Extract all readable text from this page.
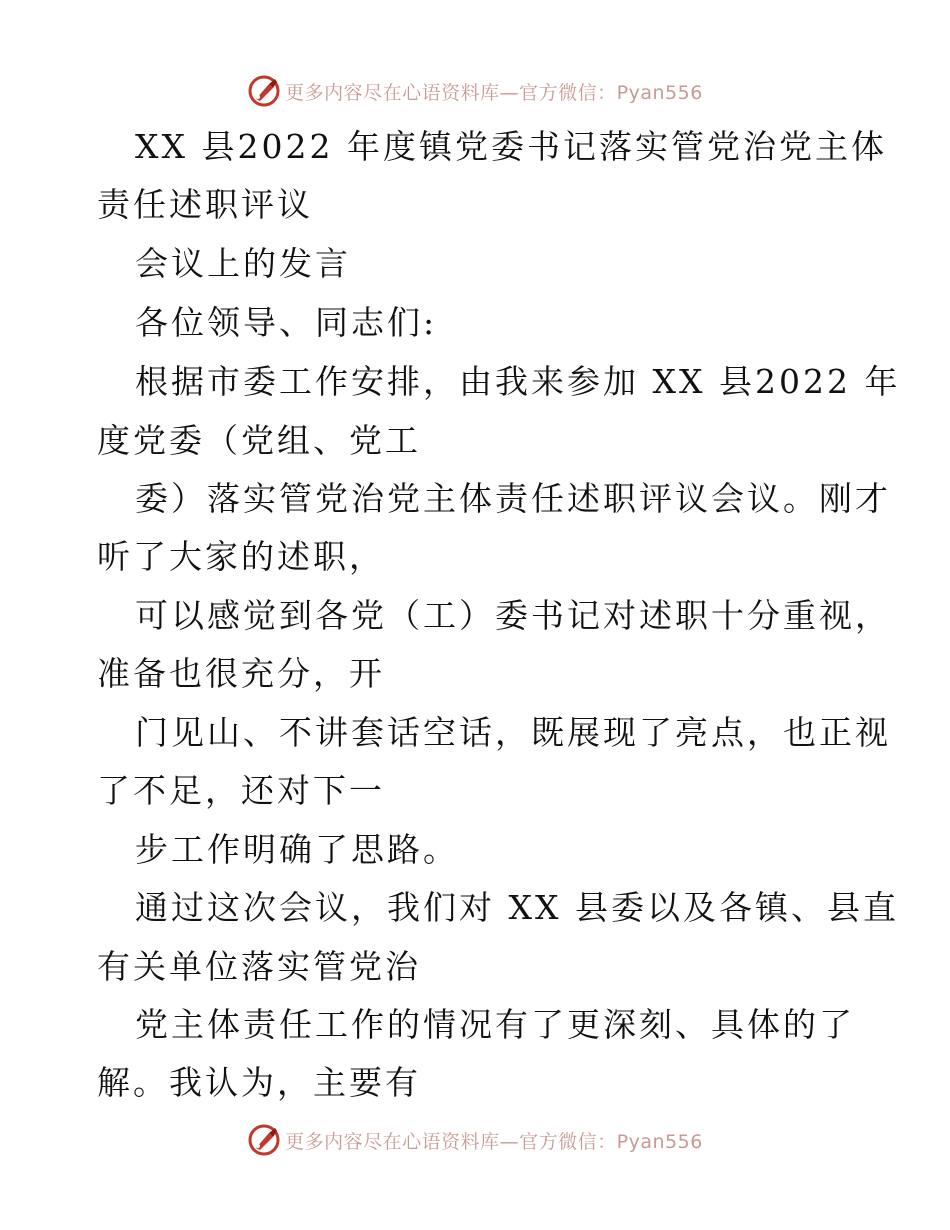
更多内容尽在心语资料库—官方微信：Pyan556
XX 县2022 年度镇党委书记落实管党治党主体
责任述职评议
会议上的发言
各位领导、同志们:
根据市委工作安排，由我来参加 XX 县2022 年
度党委（党组、党工
委）落实管党治党主体责任述职评议会议。刚才
听了大家的述职，
可以感觉到各党（工）委书记对述职十分重视，
准备也很充分，开
门见山、不讲套话空话，既展现了亮点，也正视
了不足，还对下一
步工作明确了思路。
通过这次会议，我们对 XX 县委以及各镇、县直
有关单位落实管党治
党主体责任工作的情况有了更深刻、具体的了
解。我认为，主要有
更多内容尽在心语资料库—官方微信：Pyan556
